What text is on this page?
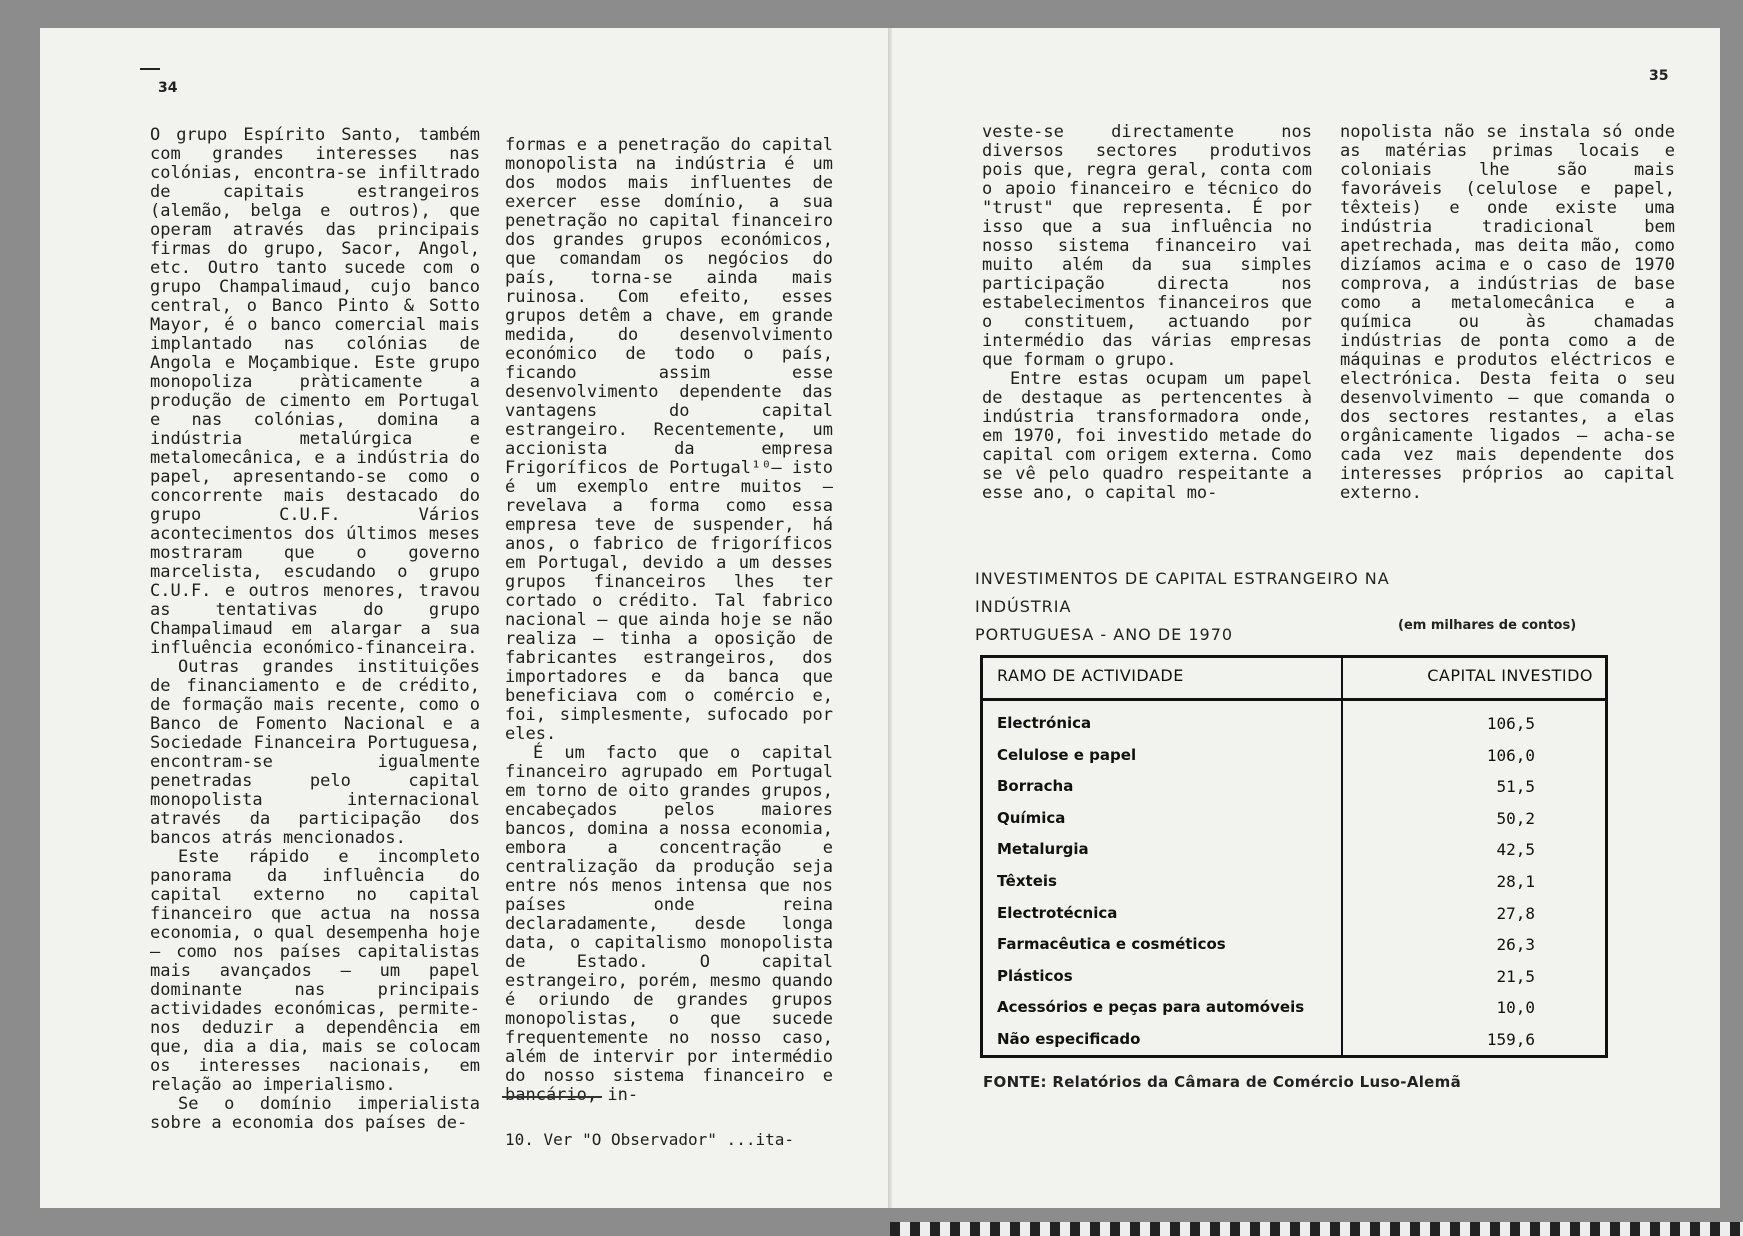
34

O grupo Espírito Santo, também com grandes interesses nas colónias, encontra-se infiltrado de capitais estrangeiros (alemão, belga e outros), que operam através das principais firmas do grupo, Sacor, Angol, etc. Outro tanto sucede com o grupo Champalimaud, cujo banco central, o Banco Pinto & Sotto Mayor, é o banco comercial mais implantado nas colónias de Angola e Moçambique. Este grupo monopoliza pràticamente a produção de cimento em Portugal e nas colónias, domina a indústria metalúrgica e metalomecânica, e a indústria do papel, apresentando-se como o concorrente mais destacado do grupo C.U.F. Vários acontecimentos dos últimos meses mostraram que o governo marcelista, escudando o grupo C.U.F. e outros menores, travou as tentativas do grupo Champalimaud em alargar a sua influência económico-financeira.

Outras grandes instituições de financiamento e de crédito, de formação mais recente, como o Banco de Fomento Nacional e a Sociedade Financeira Portuguesa, encontram-se igualmente penetradas pelo capital monopolista internacional através da participação dos bancos atrás mencionados.

Este rápido e incompleto panorama da influência do capital externo no capital financeiro que actua na nossa economia, o qual desempenha hoje — como nos países capitalistas mais avançados — um papel dominante nas principais actividades económicas, permite-nos deduzir a dependência em que, dia a dia, mais se colocam os interesses nacionais, em relação ao imperialismo.

Se o domínio imperialista sobre a economia dos países de-

formas e a penetração do capital monopolista na indústria é um dos modos mais influentes de exercer esse domínio, a sua penetração no capital financeiro dos grandes grupos económicos, que comandam os negócios do país, torna-se ainda mais ruinosa. Com efeito, esses grupos detêm a chave, em grande medida, do desenvolvimento económico de todo o país, ficando assim esse desenvolvimento dependente das vantagens do capital estrangeiro. Recentemente, um accionista da empresa Frigoríficos de Portugal¹⁰— isto é um exemplo entre muitos — revelava a forma como essa empresa teve de suspender, há anos, o fabrico de frigoríficos em Portugal, devido a um desses grupos financeiros lhes ter cortado o crédito. Tal fabrico nacional — que ainda hoje se não realiza — tinha a oposição de fabricantes estrangeiros, dos importadores e da banca que beneficiava com o comércio e, foi, simplesmente, sufocado por eles.

É um facto que o capital financeiro agrupado em Portugal em torno de oito grandes grupos, encabeçados pelos maiores bancos, domina a nossa economia, embora a concentração e centralização da produção seja entre nós menos intensa que nos países onde reina declaradamente, desde longa data, o capitalismo monopolista de Estado. O capital estrangeiro, porém, mesmo quando é oriundo de grandes grupos monopolistas, o que sucede frequentemente no nosso caso, além de intervir por intermédio do nosso sistema financeiro e bancário, in-

10. Ver "O Observador" ...ita-
35

veste-se directamente nos diversos sectores produtivos pois que, regra geral, conta com o apoio financeiro e técnico do "trust" que representa. É por isso que a sua influência no nosso sistema financeiro vai muito além da sua simples participação directa nos estabelecimentos financeiros que o constituem, actuando por intermédio das várias empresas que formam o grupo.

Entre estas ocupam um papel de destaque as pertencentes à indústria transformadora onde, em 1970, foi investido metade do capital com origem externa. Como se vê pelo quadro respeitante a esse ano, o capital mo-

nopolista não se instala só onde as matérias primas locais e coloniais lhe são mais favoráveis (celulose e papel, têxteis) e onde existe uma indústria tradicional bem apetrechada, mas deita mão, como dizíamos acima e o caso de 1970 comprova, a indústrias de base como a metalomecânica e a química ou às chamadas indústrias de ponta como a de máquinas e produtos eléctricos e electrónica. Desta feita o seu desenvolvimento — que comanda o dos sectores restantes, a elas orgânicamente ligados — acha-se cada vez mais dependente dos interesses próprios ao capital externo.

INVESTIMENTOS DE CAPITAL ESTRANGEIRO NA INDÚSTRIA
PORTUGUESA - ANO DE 1970	(em milhares de contos)
RAMO DE ACTIVIDADE	CAPITAL INVESTIDO
Electrónica	106,5
Celulose e papel	106,0
Borracha	51,5
Química	50,2
Metalurgia	42,5
Têxteis	28,1
Electrotécnica	27,8
Farmacêutica e cosméticos	26,3
Plásticos	21,5
Acessórios e peças para automóveis	10,0
Não especificado	159,6
FONTE: Relatórios da Câmara de Comércio Luso-Alemã
